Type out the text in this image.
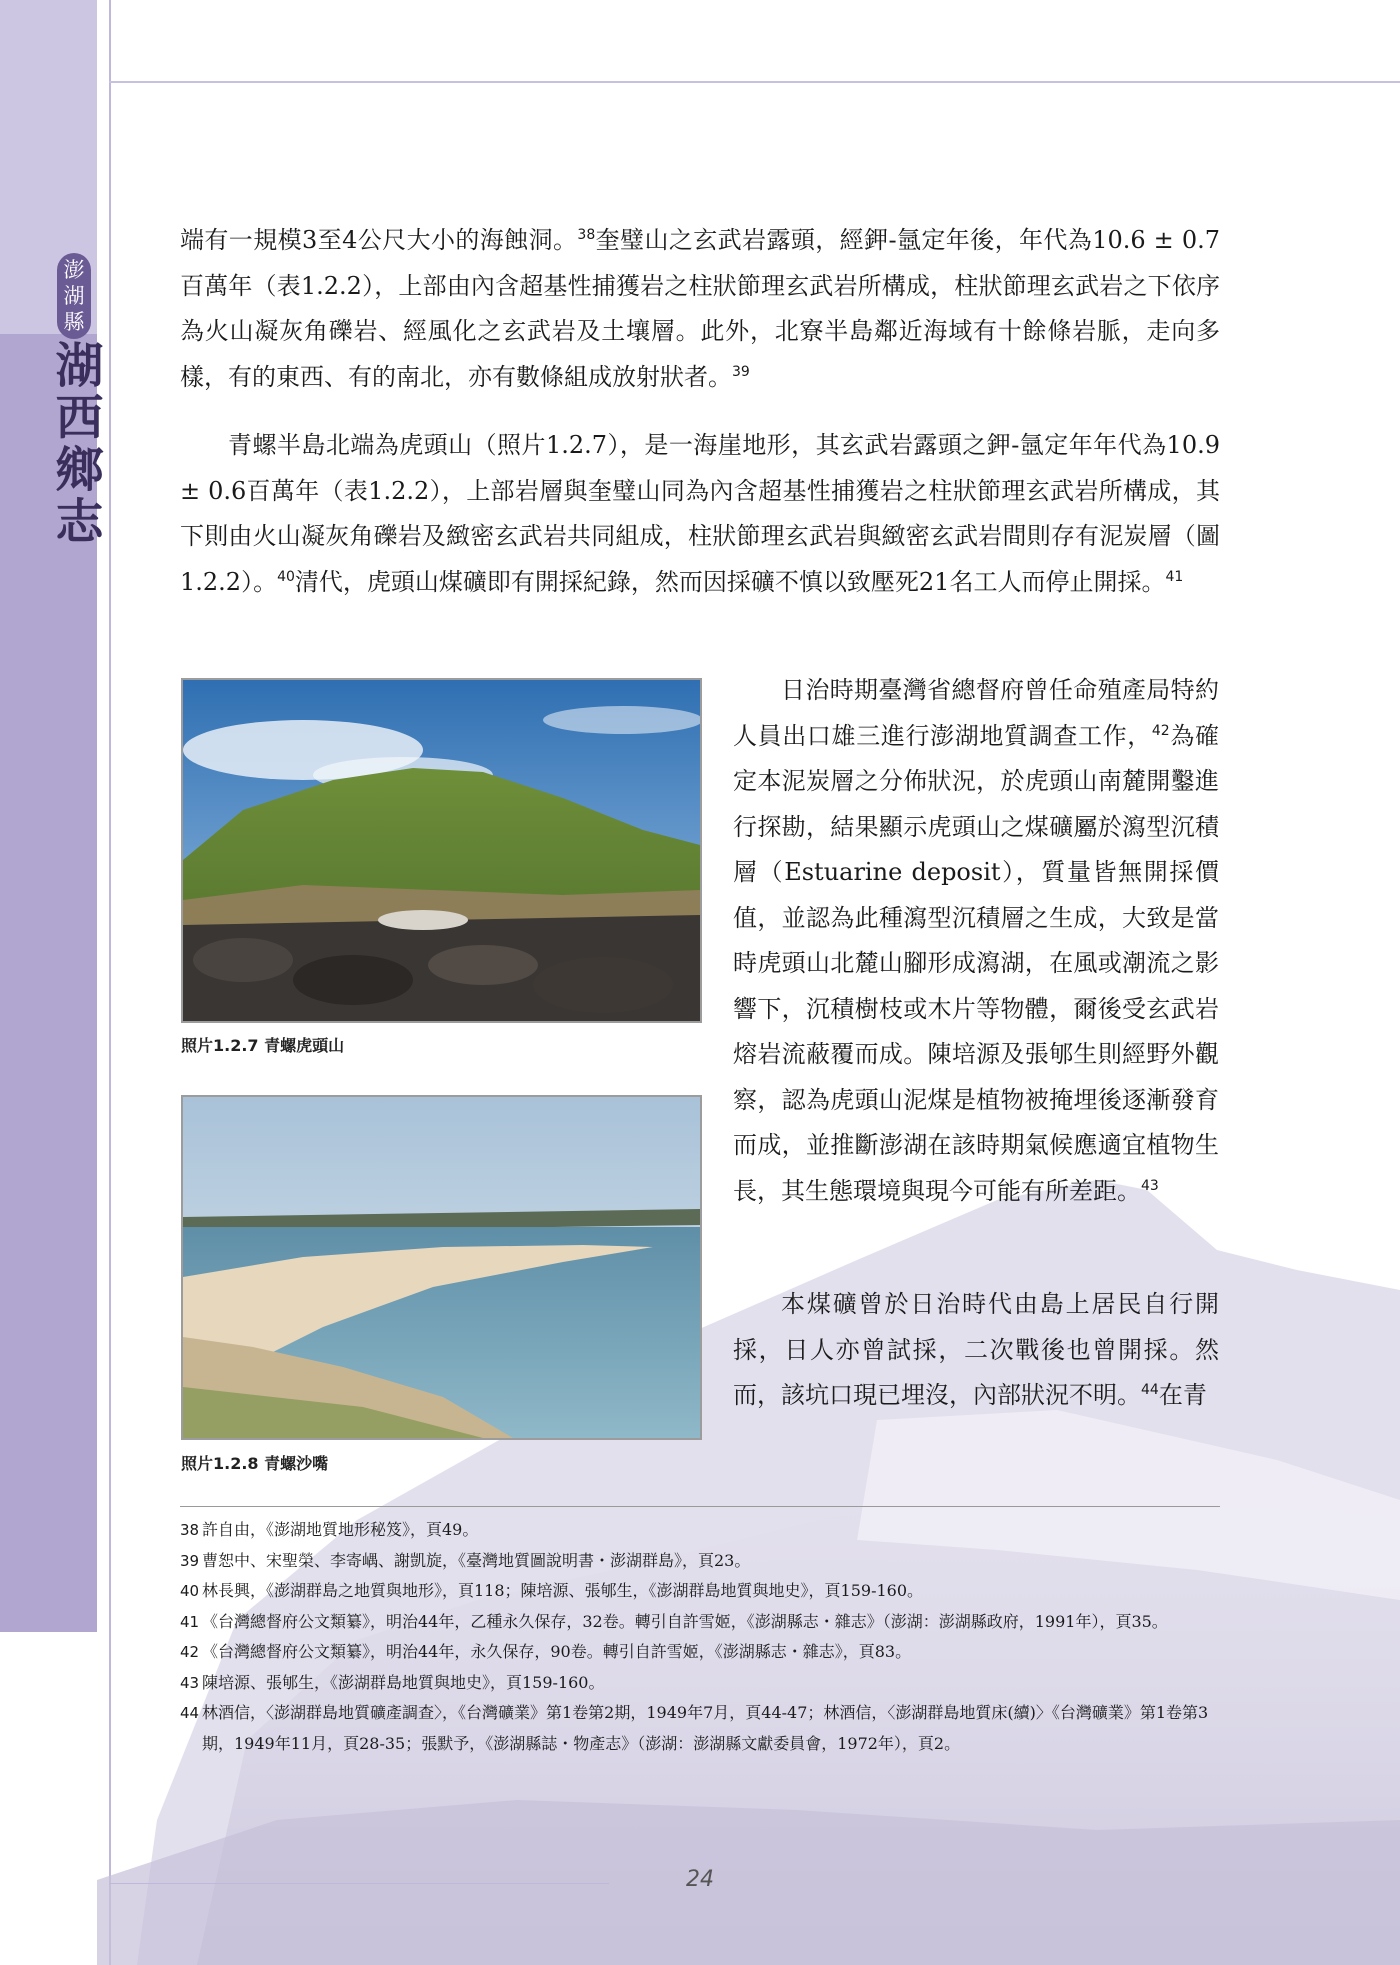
澎
湖
縣
湖西鄉志

端有一規模3至4公尺大小的海蝕洞。$^{38}$奎璧山之玄武岩露頭，經鉀-氬定年後，年代為10.6 ± 0.7百萬年（表1.2.2），上部由內含超基性捕獲岩之柱狀節理玄武岩所構成，柱狀節理玄武岩之下依序為火山凝灰角礫岩、經風化之玄武岩及土壤層。此外，北寮半島鄰近海域有十餘條岩脈，走向多樣，有的東西、有的南北，亦有數條組成放射狀者。$^{39}$

青螺半島北端為虎頭山（照片1.2.7），是一海崖地形，其玄武岩露頭之鉀-氬定年年代為10.9 ± 0.6百萬年（表1.2.2），上部岩層與奎璧山同為內含超基性捕獲岩之柱狀節理玄武岩所構成，其下則由火山凝灰角礫岩及緻密玄武岩共同組成，柱狀節理玄武岩與緻密玄武岩間則存有泥炭層（圖1.2.2）。$^{40}$清代，虎頭山煤礦即有開採紀錄，然而因採礦不慎以致壓死21名工人而停止開採。$^{41}$

日治時期臺灣省總督府曾任命殖產局特約人員出口雄三進行澎湖地質調查工作，$^{42}$為確定本泥炭層之分佈狀況，於虎頭山南麓開鑿進行探勘，結果顯示虎頭山之煤礦屬於瀉型沉積層（Estuarine deposit），質量皆無開採價值，並認為此種瀉型沉積層之生成，大致是當時虎頭山北麓山腳形成瀉湖，在風或潮流之影響下，沉積樹枝或木片等物體，爾後受玄武岩熔岩流蔽覆而成。陳培源及張郇生則經野外觀察，認為虎頭山泥煤是植物被掩埋後逐漸發育而成，並推斷澎湖在該時期氣候應適宜植物生長，其生態環境與現今可能有所差距。$^{43}$

本煤礦曾於日治時代由島上居民自行開採，日人亦曾試採，二次戰後也曾開採。然而，該坑口現已埋沒，內部狀況不明。$^{44}$在青

照片1.2.7 青螺虎頭山
照片1.2.8 青螺沙嘴

38 許自由，《澎湖地質地形秘笈》，頁49。

39 曹恕中、宋聖榮、李寄嵎、謝凱旋，《臺灣地質圖說明書・澎湖群島》，頁23。

40 林長興，《澎湖群島之地質與地形》，頁118；陳培源、張郇生，《澎湖群島地質與地史》，頁159-160。

41 《台灣總督府公文類纂》，明治44年，乙種永久保存，32卷。轉引自許雪姬，《澎湖縣志・雜志》（澎湖：澎湖縣政府，1991年），頁35。

42 《台灣總督府公文類纂》，明治44年，永久保存，90卷。轉引自許雪姬，《澎湖縣志・雜志》，頁83。

43 陳培源、張郇生，《澎湖群島地質與地史》，頁159-160。

44 林酒信，〈澎湖群島地質礦產調查〉，《台灣礦業》第1卷第2期，1949年7月，頁44-47；林酒信，〈澎湖群島地質床(續)〉《台灣礦業》第1卷第3期，1949年11月，頁28-35；張默予，《澎湖縣誌・物產志》（澎湖：澎湖縣文獻委員會，1972年），頁2。

24
